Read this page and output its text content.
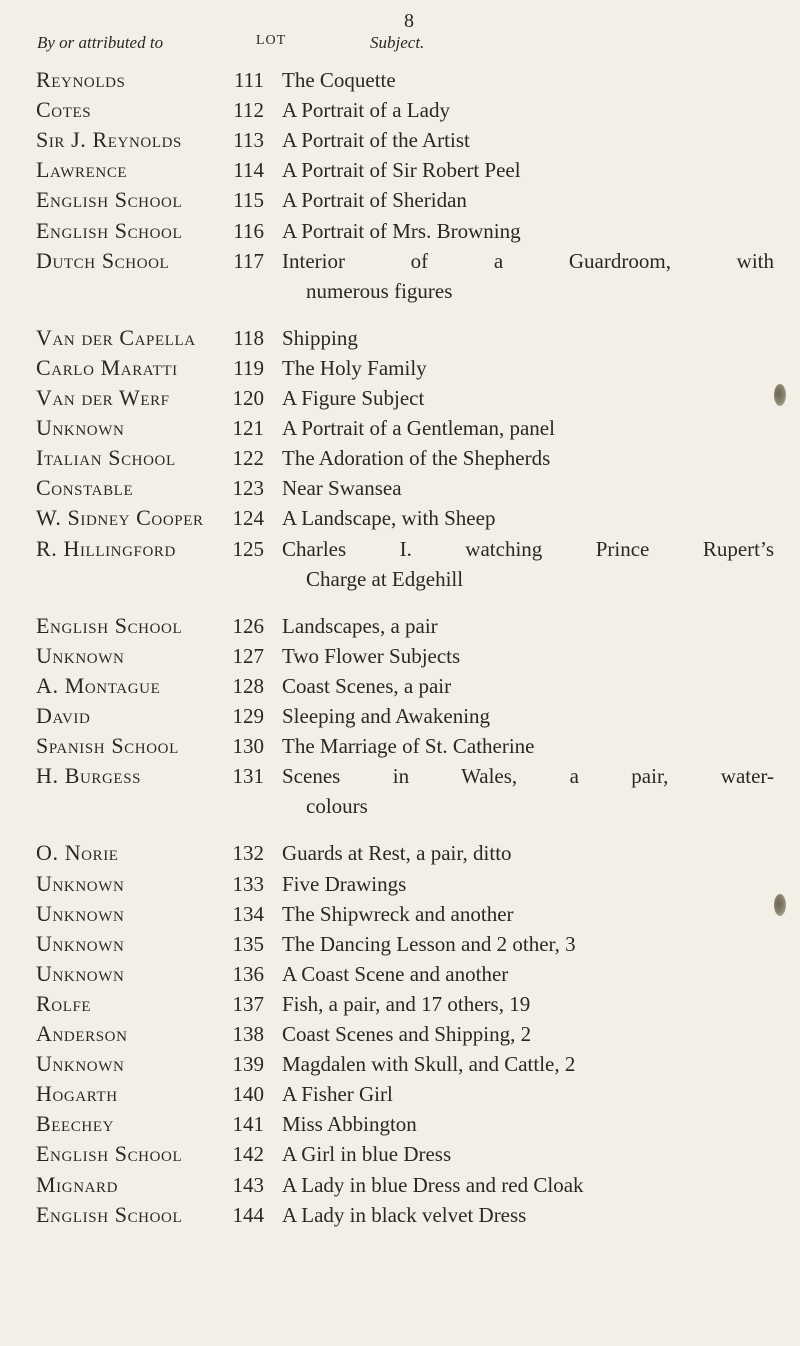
8
By or attributed to	LOT	Subject.
Reynolds	111 The Coquette
Cotes	112 A Portrait of a Lady
Sir J. Reynolds	113 A Portrait of the Artist
Lawrence	114 A Portrait of Sir Robert Peel
English School	115 A Portrait of Sheridan
English School	116 A Portrait of Mrs. Browning
Dutch School	117 Interior of a Guardroom, with
numerous figures
Van der Capella	118 Shipping
Carlo Maratti	119 The Holy Family
Van der Werf	120 A Figure Subject
Unknown	121 A Portrait of a Gentleman, panel
Italian School	122 The Adoration of the Shepherds
Constable	123 Near Swansea
W. Sidney Cooper	124 A Landscape, with Sheep
R. Hillingford	125 Charles I. watching Prince Rupert’s
Charge at Edgehill
English School	126 Landscapes, a pair
Unknown	127 Two Flower Subjects
A. Montague	128 Coast Scenes, a pair
David	129 Sleeping and Awakening
Spanish School	130 The Marriage of St. Catherine
H. Burgess	131 Scenes in Wales, a pair, water-
colours
O. Norie	132 Guards at Rest, a pair, ditto
Unknown	133 Five Drawings
Unknown	134 The Shipwreck and another
Unknown	135 The Dancing Lesson and 2 other, 3
Unknown	136 A Coast Scene and another
Rolfe	137 Fish, a pair, and 17 others, 19
Anderson	138 Coast Scenes and Shipping, 2
Unknown	139 Magdalen with Skull, and Cattle, 2
Hogarth	140 A Fisher Girl
Beechey	141 Miss Abbington
English School	142 A Girl in blue Dress
Mignard	143 A Lady in blue Dress and red Cloak
English School	144 A Lady in black velvet Dress
